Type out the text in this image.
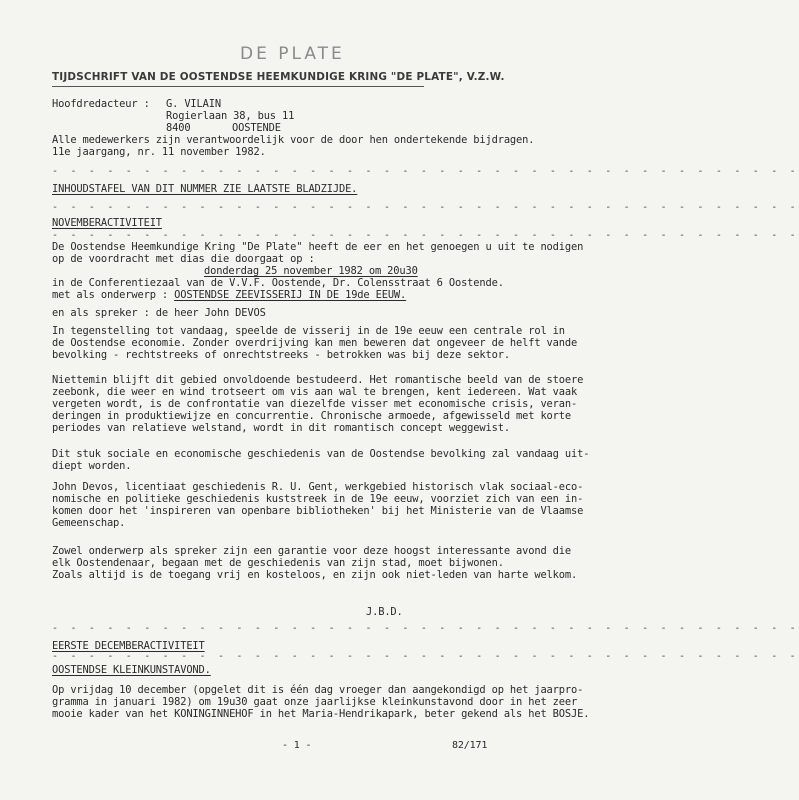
DE PLATE
TIJDSCHRIFT VAN DE OOSTENDSE HEEMKUNDIGE KRING "DE PLATE", V.Z.W.
Hoofdredacteur : G. VILAIN
Rogierlaan 38, bus 11
8400	OOSTENDE
Alle medewerkers zijn verantwoordelijk voor de door hen ondertekende bijdragen.
11e jaargang, nr. 11 november 1982.
- - - - - - - - - - - - - - - - - - - - - - - - - - - - - - - - - - - - - - - - -
INHOUDSTAFEL VAN DIT NUMMER ZIE LAATSTE BLADZIJDE.
- - - - - - - - - - - - - - - - - - - - - - - - - - - - - - - - - - - - - - - - -
NOVEMBERACTIVITEIT
- - - - - - - - - - - - - - - - - - - - - - - - - - - - - - - - - - - - - - - - -
De Oostendse Heemkundige Kring "De Plate" heeft de eer en het genoegen u uit te nodigen
op de voordracht met dias die doorgaat op :
donderdag 25 november 1982 om 20u30
in de Conferentiezaal van de V.V.F. Oostende, Dr. Colensstraat 6 Oostende.
met als onderwerp : OOSTENDSE ZEEVISSERIJ IN DE 19de EEUW.
en als spreker : de heer John DEVOS
In tegenstelling tot vandaag, speelde de visserij in de 19e eeuw een centrale rol in
de Oostendse economie. Zonder overdrijving kan men beweren dat ongeveer de helft vande
bevolking - rechtstreeks of onrechtstreeks - betrokken was bij deze sektor.
Niettemin blijft dit gebied onvoldoende bestudeerd. Het romantische beeld van de stoere
zeebonk, die weer en wind trotseert om vis aan wal te brengen, kent iedereen. Wat vaak
vergeten wordt, is de confrontatie van diezelfde visser met economische crisis, veran-
deringen in produktiewijze en concurrentie. Chronische armoede, afgewisseld met korte
periodes van relatieve welstand, wordt in dit romantisch concept weggewist.
Dit stuk sociale en economische geschiedenis van de Oostendse bevolking zal vandaag uit-
diept worden.
John Devos, licentiaat geschiedenis R. U. Gent, werkgebied historisch vlak sociaal-eco-
nomische en politieke geschiedenis kuststreek in de 19e eeuw, voorziet zich van een in-
komen door het 'inspireren van openbare bibliotheken' bij het Ministerie van de Vlaamse
Gemeenschap.
Zowel onderwerp als spreker zijn een garantie voor deze hoogst interessante avond die
elk Oostendenaar, begaan met de geschiedenis van zijn stad, moet bijwonen.
Zoals altijd is de toegang vrij en kosteloos, en zijn ook niet-leden van harte welkom.
J.B.D.
- - - - - - - - - - - - - - - - - - - - - - - - - - - - - - - - - - - - - - - - -
EERSTE DECEMBERACTIVITEIT
- - - - - - - - - - - - - - - - - - - - - - - - - - - - - - - - - - - - - - - - -
OOSTENDSE KLEINKUNSTAVOND.
Op vrijdag 10 december (opgelet dit is één dag vroeger dan aangekondigd op het jaarpro-
gramma in januari 1982) om 19u30 gaat onze jaarlijkse kleinkunstavond door in het zeer
mooie kader van het KONINGINNEHOF in het Maria-Hendrikapark, beter gekend als het BOSJE.
- 1 -	82/171
